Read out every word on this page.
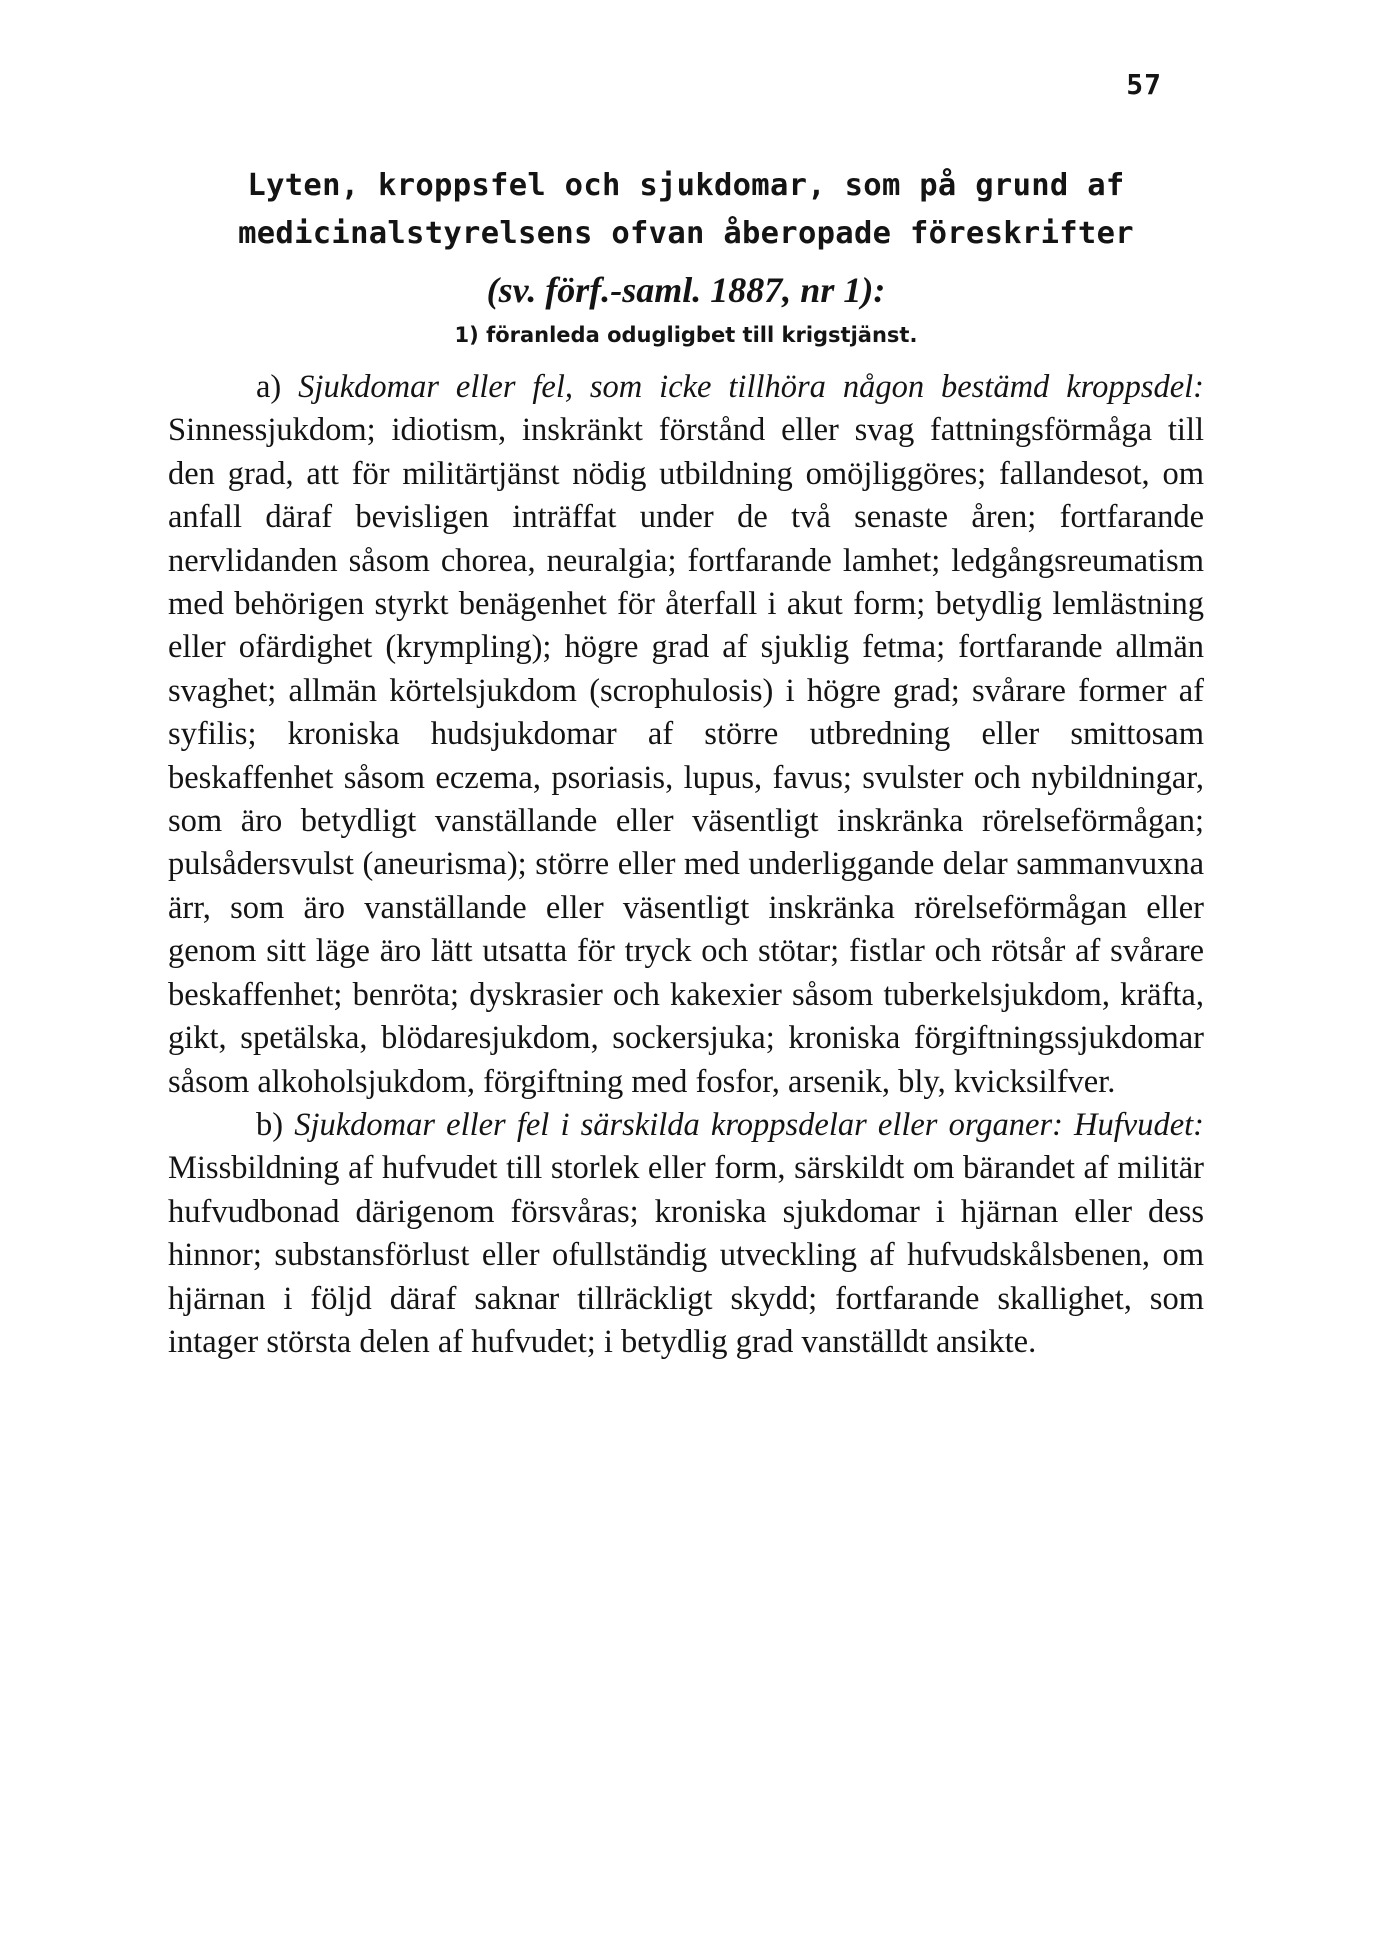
57

Lyten, kroppsfel och sjukdomar, som på grund af
medicinalstyrelsens ofvan åberopade föreskrifter
(sv. förf.-saml. 1887, nr 1):
1) föranleda odugligbet till krigstjänst.

a) Sjukdomar eller fel, som icke tillhöra någon bestämd kroppsdel: Sinnessjukdom; idiotism, inskränkt förstånd eller svag fattningsförmåga till den grad, att för militärtjänst nödig utbildning omöjliggöres; fallandesot, om anfall däraf bevisligen inträffat under de två senaste åren; fortfarande nervlidanden såsom chorea, neuralgia; fortfarande lamhet; ledgångsreumatism med behörigen styrkt benägenhet för återfall i akut form; betydlig lemlästning eller ofärdighet (krympling); högre grad af sjuklig fetma; fortfarande allmän svaghet; allmän körtelsjukdom (scrophulosis) i högre grad; svårare former af syfilis; kroniska hudsjukdomar af större utbredning eller smittosam beskaffenhet såsom eczema, psoriasis, lupus, favus; svulster och nybildningar, som äro betydligt vanställande eller väsentligt inskränka rörelseförmågan; pulsådersvulst (aneurisma); större eller med underliggande delar sammanvuxna ärr, som äro vanställande eller väsentligt inskränka rörelseförmågan eller genom sitt läge äro lätt utsatta för tryck och stötar; fistlar och rötsår af svårare beskaffenhet; benröta; dyskrasier och kakexier såsom tuberkelsjukdom, kräfta, gikt, spetälska, blödaresjukdom, sockersjuka; kroniska förgiftningssjukdomar såsom alkoholsjukdom, förgiftning med fosfor, arsenik, bly, kvicksilfver.

b) Sjukdomar eller fel i särskilda kroppsdelar eller organer: Hufvudet: Missbildning af hufvudet till storlek eller form, särskildt om bärandet af militär hufvudbonad därigenom försvåras; kroniska sjukdomar i hjärnan eller dess hinnor; substansförlust eller ofullständig utveckling af hufvudskålsbenen, om hjärnan i följd däraf saknar tillräckligt skydd; fortfarande skallighet, som intager största delen af hufvudet; i betydlig grad vanställdt ansikte.
